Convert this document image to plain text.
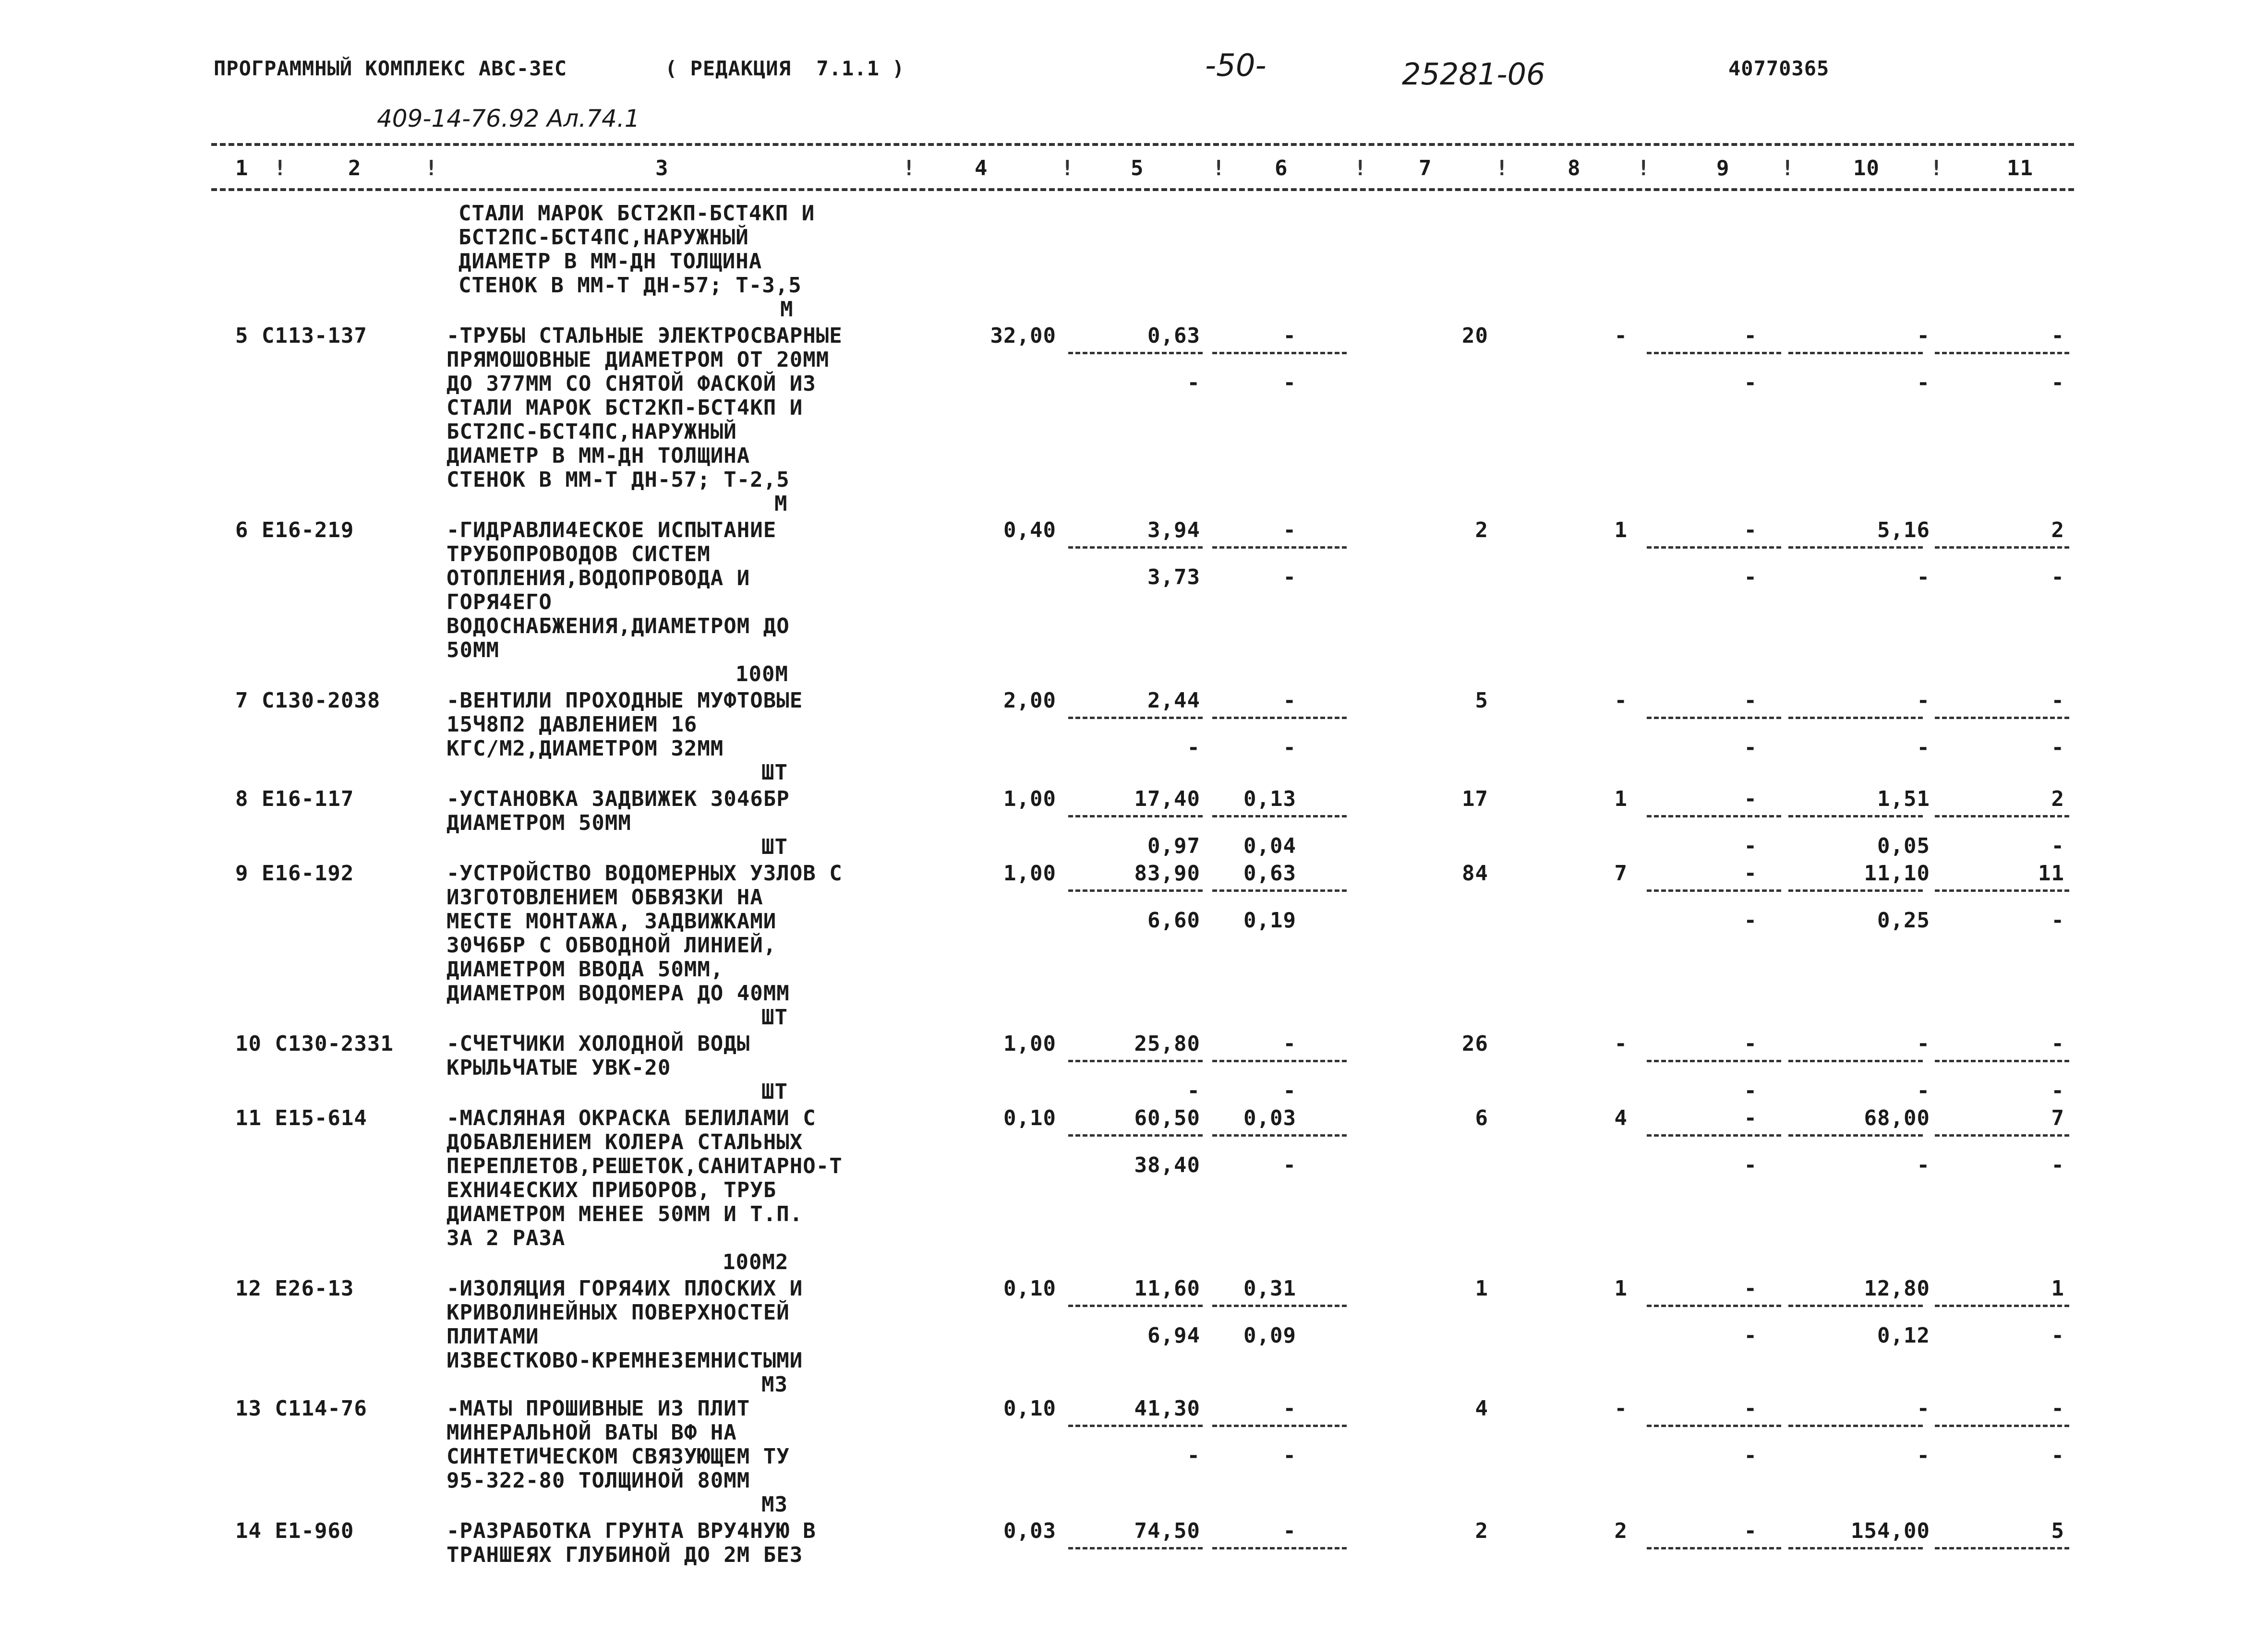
ПРОГРАММНЫЙ КОМПЛЕКС АВС-3ЕС	( РЕДАКЦИЯ  7.1.1 )	-50-	25281-06	40770365
409-14-76.92 Ал.74.1
1	2	3	4	5	6	7	8	9	10	11
!	!	!	!	!	!	!	!	!	!
СТАЛИ МАРОК БСТ2КП-БСТ4КП И
БСТ2ПС-БСТ4ПС,НАРУЖНЫЙ
ДИАМЕТР В ММ-ДН ТОЛЩИНА
СТЕНОК В ММ-Т ДН-57; Т-3,5
М
5 С113-137	-ТРУБЫ СТАЛЬНЫЕ ЭЛЕКТРОСВАРНЫЕ
ПРЯМОШОВНЫЕ ДИАМЕТРОМ ОТ 20ММ
ДО 377ММ СО СНЯТОЙ ФАСКОЙ ИЗ
СТАЛИ МАРОК БСТ2КП-БСТ4КП И
БСТ2ПС-БСТ4ПС,НАРУЖНЫЙ
ДИАМЕТР В ММ-ДН ТОЛЩИНА
СТЕНОК В ММ-Т ДН-57; Т-2,5
М
32,00	0,63	-	20	-	-	-	-
-	-	-	-	-
6 Е16-219	-ГИДРАВЛИ4ЕСКОЕ ИСПЫТАНИЕ
ТРУБОПРОВОДОВ СИСТЕМ
ОТОПЛЕНИЯ,ВОДОПРОВОДА И
ГОРЯ4ЕГО
ВОДОСНАБЖЕНИЯ,ДИАМЕТРОМ ДО
50ММ
100М
0,40	3,94	-	2	1	-	5,16	2
3,73	-	-	-	-
7 С130-2038	-ВЕНТИЛИ ПРОХОДНЫЕ МУФТОВЫЕ
15Ч8П2 ДАВЛЕНИЕМ 16
КГС/М2,ДИАМЕТРОМ 32ММ
ШТ
2,00	2,44	-	5	-	-	-	-
-	-	-	-	-
8 Е16-117	-УСТАНОВКА ЗАДВИЖЕК 3046БР
ДИАМЕТРОМ 50ММ
ШТ
1,00	17,40	0,13	17	1	-	1,51	2
0,97	0,04	-	0,05	-
9 Е16-192	-УСТРОЙСТВО ВОДОМЕРНЫХ УЗЛОВ С
ИЗГОТОВЛЕНИЕМ ОБВЯЗКИ НА
МЕСТЕ МОНТАЖА, ЗАДВИЖКАМИ
30Ч6БР С ОБВОДНОЙ ЛИНИЕЙ,
ДИАМЕТРОМ ВВОДА 50ММ,
ДИАМЕТРОМ ВОДОМЕРА ДО 40ММ
ШТ
1,00	83,90	0,63	84	7	-	11,10	11
6,60	0,19	-	0,25	-
10 С130-2331	-СЧЕТЧИКИ ХОЛОДНОЙ ВОДЫ
КРЫЛЬЧАТЫЕ УВК-20
ШТ
1,00	25,80	-	26	-	-	-	-
-	-	-	-	-
11 Е15-614	-МАСЛЯНАЯ ОКРАСКА БЕЛИЛАМИ С
ДОБАВЛЕНИЕМ КОЛЕРА СТАЛЬНЫХ
ПЕРЕПЛЕТОВ,РЕШЕТОК,САНИТАРНО-Т
ЕХНИ4ЕСКИХ ПРИБОРОВ, ТРУБ
ДИАМЕТРОМ МЕНЕЕ 50ММ И Т.П.
ЗА 2 РАЗА
100М2
0,10	60,50	0,03	6	4	-	68,00	7
38,40	-	-	-	-
12 Е26-13	-ИЗОЛЯЦИЯ ГОРЯ4ИХ ПЛОСКИХ И
КРИВОЛИНЕЙНЫХ ПОВЕРХНОСТЕЙ
ПЛИТАМИ
ИЗВЕСТКОВО-КРЕМНЕЗЕМНИСТЫМИ
М3
0,10	11,60	0,31	1	1	-	12,80	1
6,94	0,09	-	0,12	-
13 С114-76	-МАТЫ ПРОШИВНЫЕ ИЗ ПЛИТ
МИНЕРАЛЬНОЙ ВАТЫ ВФ НА
СИНТЕТИЧЕСКОМ СВЯЗУЮЩЕМ ТУ
95-322-80 ТОЛЩИНОЙ 80ММ
М3
0,10	41,30	-	4	-	-	-	-
-	-	-	-	-
14 Е1-960	-РАЗРАБОТКА ГРУНТА ВРУ4НУЮ В
ТРАНШЕЯХ ГЛУБИНОЙ ДО 2М БЕЗ
0,03	74,50	-	2	2	-	154,00	5
